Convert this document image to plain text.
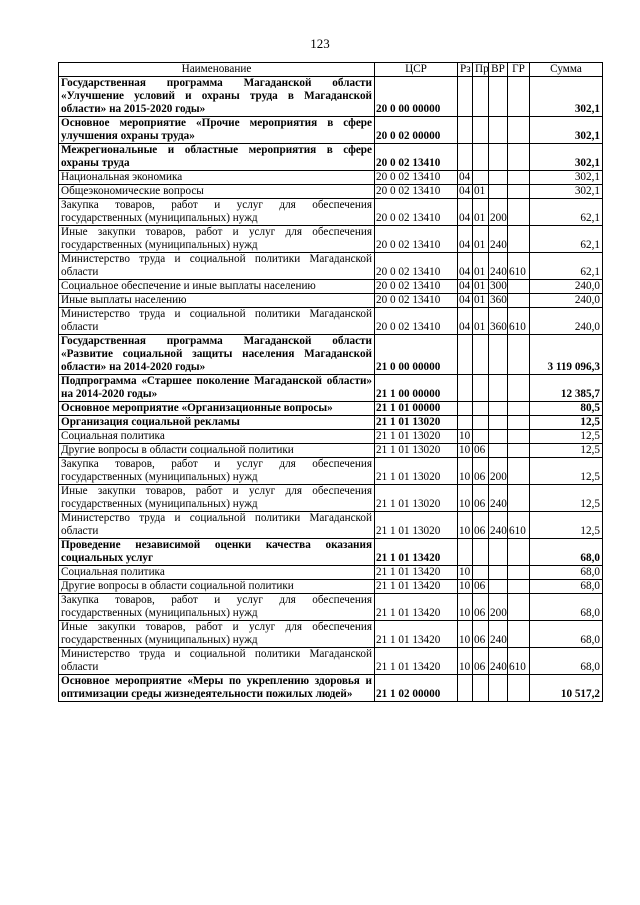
123
Наименование	ЦСР	Рз	Пр	ВР	ГР	Сумма
Государственная программа Магаданской области «Улучшение условий и охраны труда в Магаданской области» на 2015-2020 годы»	20 0 00 00000					302,1
Основное мероприятие «Прочие мероприятия в сфере улучшения охраны труда»	20 0 02 00000					302,1
Межрегиональные и областные мероприятия в сфере охраны труда	20 0 02 13410					302,1
Национальная экономика	20 0 02 13410	04				302,1
Общеэкономические вопросы	20 0 02 13410	04	01			302,1
Закупка товаров, работ и услуг для обеспечения государственных (муниципальных) нужд	20 0 02 13410	04	01	200		62,1
Иные закупки товаров, работ и услуг для обеспечения государственных (муниципальных) нужд	20 0 02 13410	04	01	240		62,1
Министерство труда и социальной политики Магаданской области	20 0 02 13410	04	01	240	610	62,1
Социальное обеспечение и иные выплаты населению	20 0 02 13410	04	01	300		240,0
Иные выплаты населению	20 0 02 13410	04	01	360		240,0
Министерство труда и социальной политики Магаданской области	20 0 02 13410	04	01	360	610	240,0
Государственная программа Магаданской области «Развитие социальной защиты населения Магаданской области» на 2014-2020 годы»	21 0 00 00000					3 119 096,3
Подпрограмма «Старшее поколение Магаданской области» на 2014-2020 годы»	21 1 00 00000					12 385,7
Основное мероприятие «Организационные вопросы»	21 1 01 00000					80,5
Организация социальной рекламы	21 1 01 13020					12,5
Социальная политика	21 1 01 13020	10				12,5
Другие вопросы в области социальной политики	21 1 01 13020	10	06			12,5
Закупка товаров, работ и услуг для обеспечения государственных (муниципальных) нужд	21 1 01 13020	10	06	200		12,5
Иные закупки товаров, работ и услуг для обеспечения государственных (муниципальных) нужд	21 1 01 13020	10	06	240		12,5
Министерство труда и социальной политики Магаданской области	21 1 01 13020	10	06	240	610	12,5
Проведение независимой оценки качества оказания социальных услуг	21 1 01 13420					68,0
Социальная политика	21 1 01 13420	10				68,0
Другие вопросы в области социальной политики	21 1 01 13420	10	06			68,0
Закупка товаров, работ и услуг для обеспечения государственных (муниципальных) нужд	21 1 01 13420	10	06	200		68,0
Иные закупки товаров, работ и услуг для обеспечения государственных (муниципальных) нужд	21 1 01 13420	10	06	240		68,0
Министерство труда и социальной политики Магаданской области	21 1 01 13420	10	06	240	610	68,0
Основное мероприятие «Меры по укреплению здоровья и оптимизации среды жизнедеятельности пожилых людей»	21 1 02 00000					10 517,2
